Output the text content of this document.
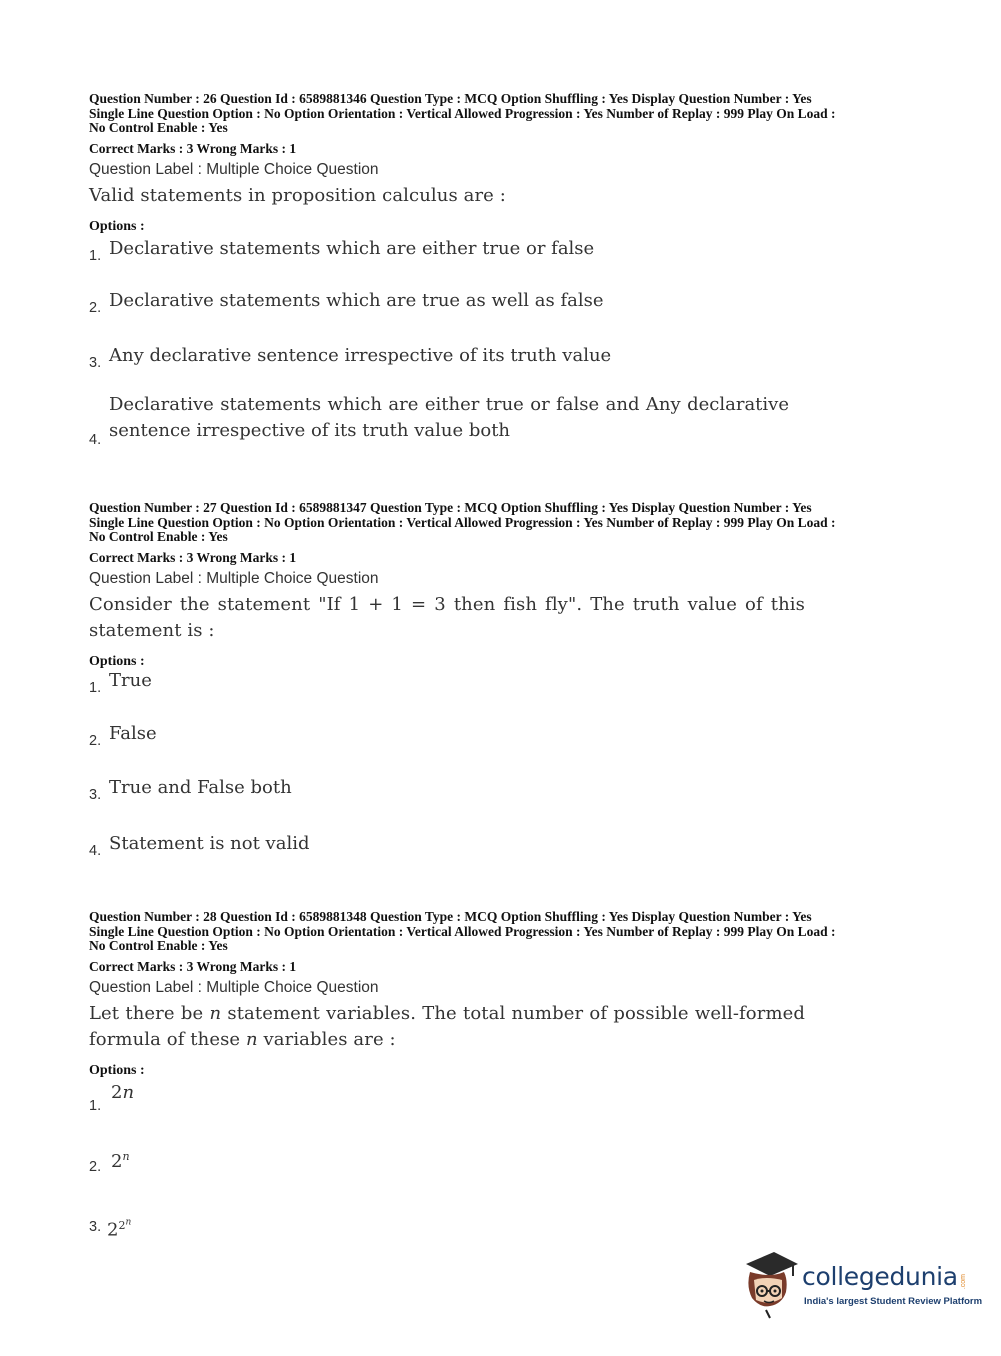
Question Number : 26 Question Id : 6589881346 Question Type : MCQ Option Shuffling : Yes Display Question Number : Yes
Single Line Question Option : No Option Orientation : Vertical Allowed Progression : Yes Number of Replay : 999 Play On Load :
No Control Enable : Yes
Correct Marks : 3 Wrong Marks : 1
Question Label : Multiple Choice Question
Valid statements in proposition calculus are :
Options :
1. Declarative statements which are either true or false
2. Declarative statements which are true as well as false
3. Any declarative sentence irrespective of its truth value
4.
Declarative statements which are either true or false and Any declarative sentence irrespective of its truth value both
Question Number : 27 Question Id : 6589881347 Question Type : MCQ Option Shuffling : Yes Display Question Number : Yes
Single Line Question Option : No Option Orientation : Vertical Allowed Progression : Yes Number of Replay : 999 Play On Load :
No Control Enable : Yes
Correct Marks : 3 Wrong Marks : 1
Question Label : Multiple Choice Question
Consider the statement "If 1 + 1 = 3 then fish fly". The truth value of this statement is :
Options :
1. True
2. False
3. True and False both
4. Statement is not valid
Question Number : 28 Question Id : 6589881348 Question Type : MCQ Option Shuffling : Yes Display Question Number : Yes
Single Line Question Option : No Option Orientation : Vertical Allowed Progression : Yes Number of Replay : 999 Play On Load :
No Control Enable : Yes
Correct Marks : 3 Wrong Marks : 1
Question Label : Multiple Choice Question
Let there be n statement variables. The total number of possible well-formed formula of these n variables are :
Options :
1.
2n
2. 2$^n$
3. $2^{2^n}$
collegedunia .com
India's largest Student Review Platform
